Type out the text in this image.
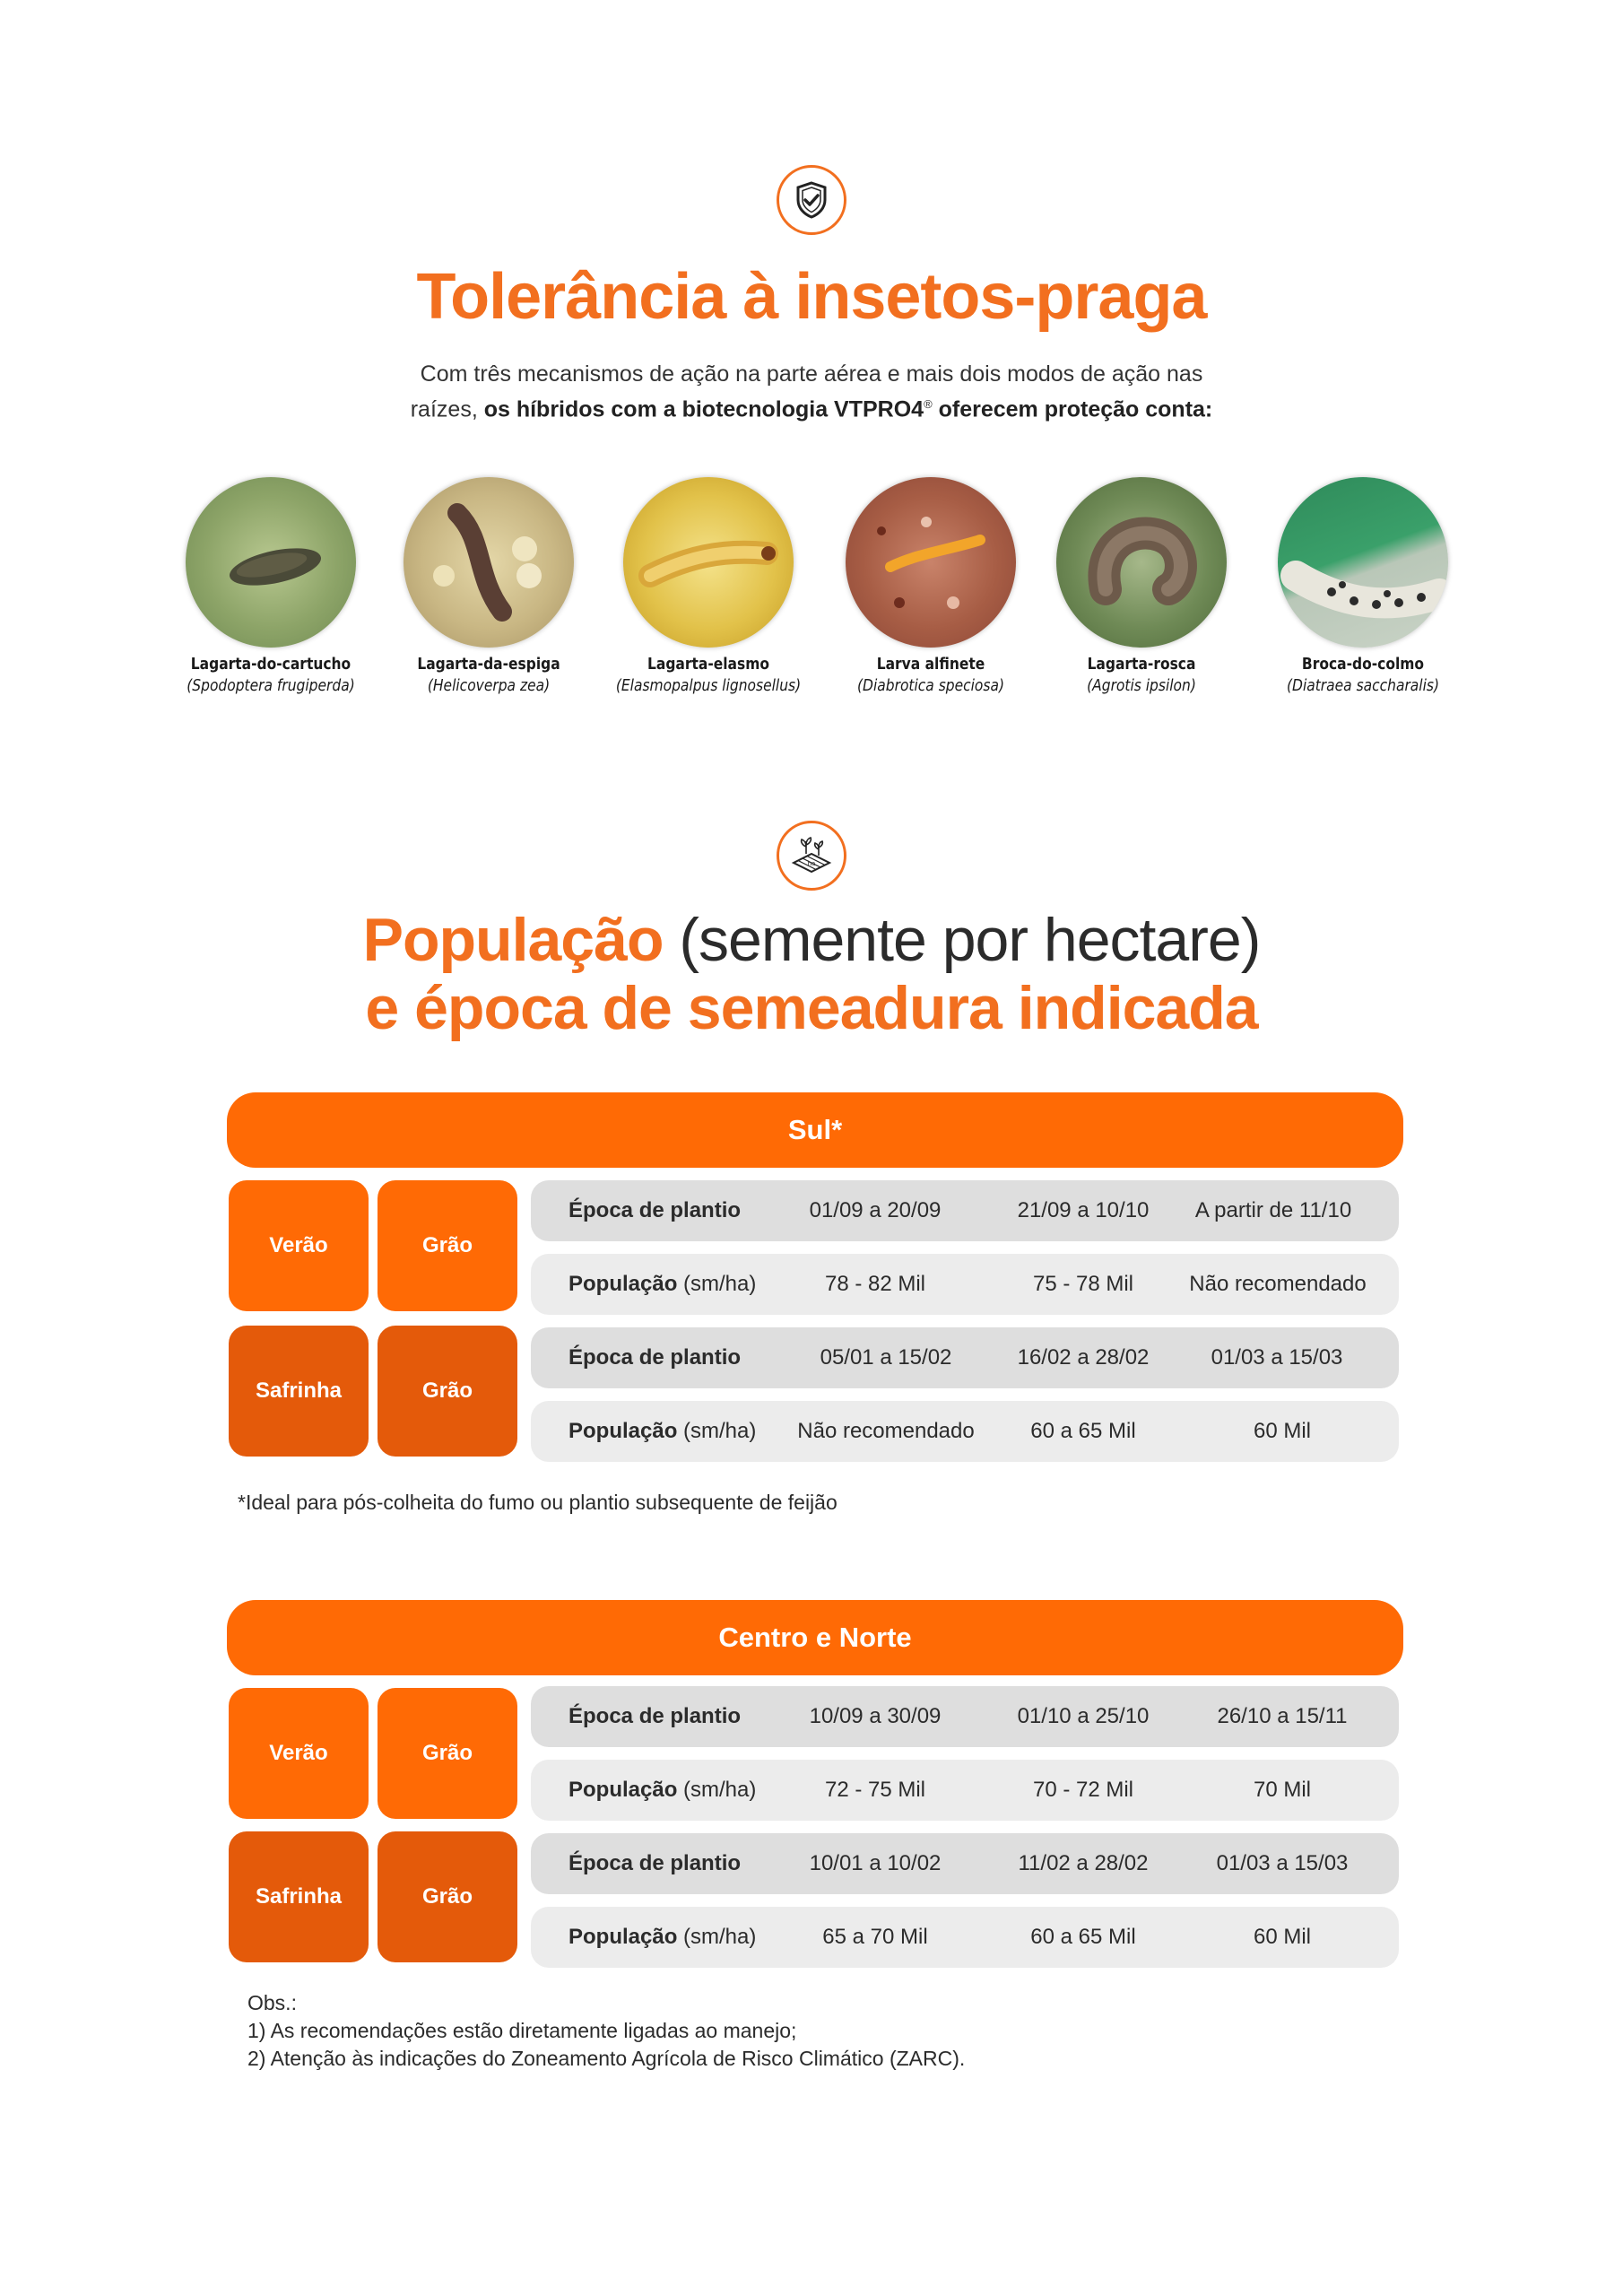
Tolerância à insetos-praga
Com três mecanismos de ação na parte aérea e mais dois modos de ação nas
raízes, os híbridos com a biotecnologia VTPRO4® oferecem proteção conta:
Lagarta-do-cartucho
(Spodoptera frugiperda)
Lagarta-da-espiga
(Helicoverpa zea)
Lagarta-elasmo
(Elasmopalpus lignosellus)
Larva alfinete
(Diabrotica speciosa)
Lagarta-rosca
(Agrotis ipsilon)
Broca-do-colmo
(Diatraea saccharalis)
ha
População (semente por hectare)
e época de semeadura indicada
Sul*
Verão	Grão
Safrinha	Grão
Época de plantio	01/09 a 20/09	21/09 a 10/10	A partir de 11/10
População (sm/ha)	78 - 82 Mil	75 - 78 Mil	Não recomendado
Época de plantio	05/01 a 15/02	16/02 a 28/02	01/03 a 15/03
População (sm/ha)	Não recomendado	60 a 65 Mil	60 Mil
*Ideal para pós-colheita do fumo ou plantio subsequente de feijão
Centro e Norte
Verão	Grão
Safrinha	Grão
Época de plantio	10/09 a 30/09	01/10 a 25/10	26/10 a 15/11
População (sm/ha)	72 - 75 Mil	70 - 72 Mil	70 Mil
Época de plantio	10/01 a 10/02	11/02 a 28/02	01/03 a 15/03
População (sm/ha)	65 a 70 Mil	60 a 65 Mil	60 Mil
Obs.:
1) As recomendações estão diretamente ligadas ao manejo;
2) Atenção às indicações do Zoneamento Agrícola de Risco Climático (ZARC).
